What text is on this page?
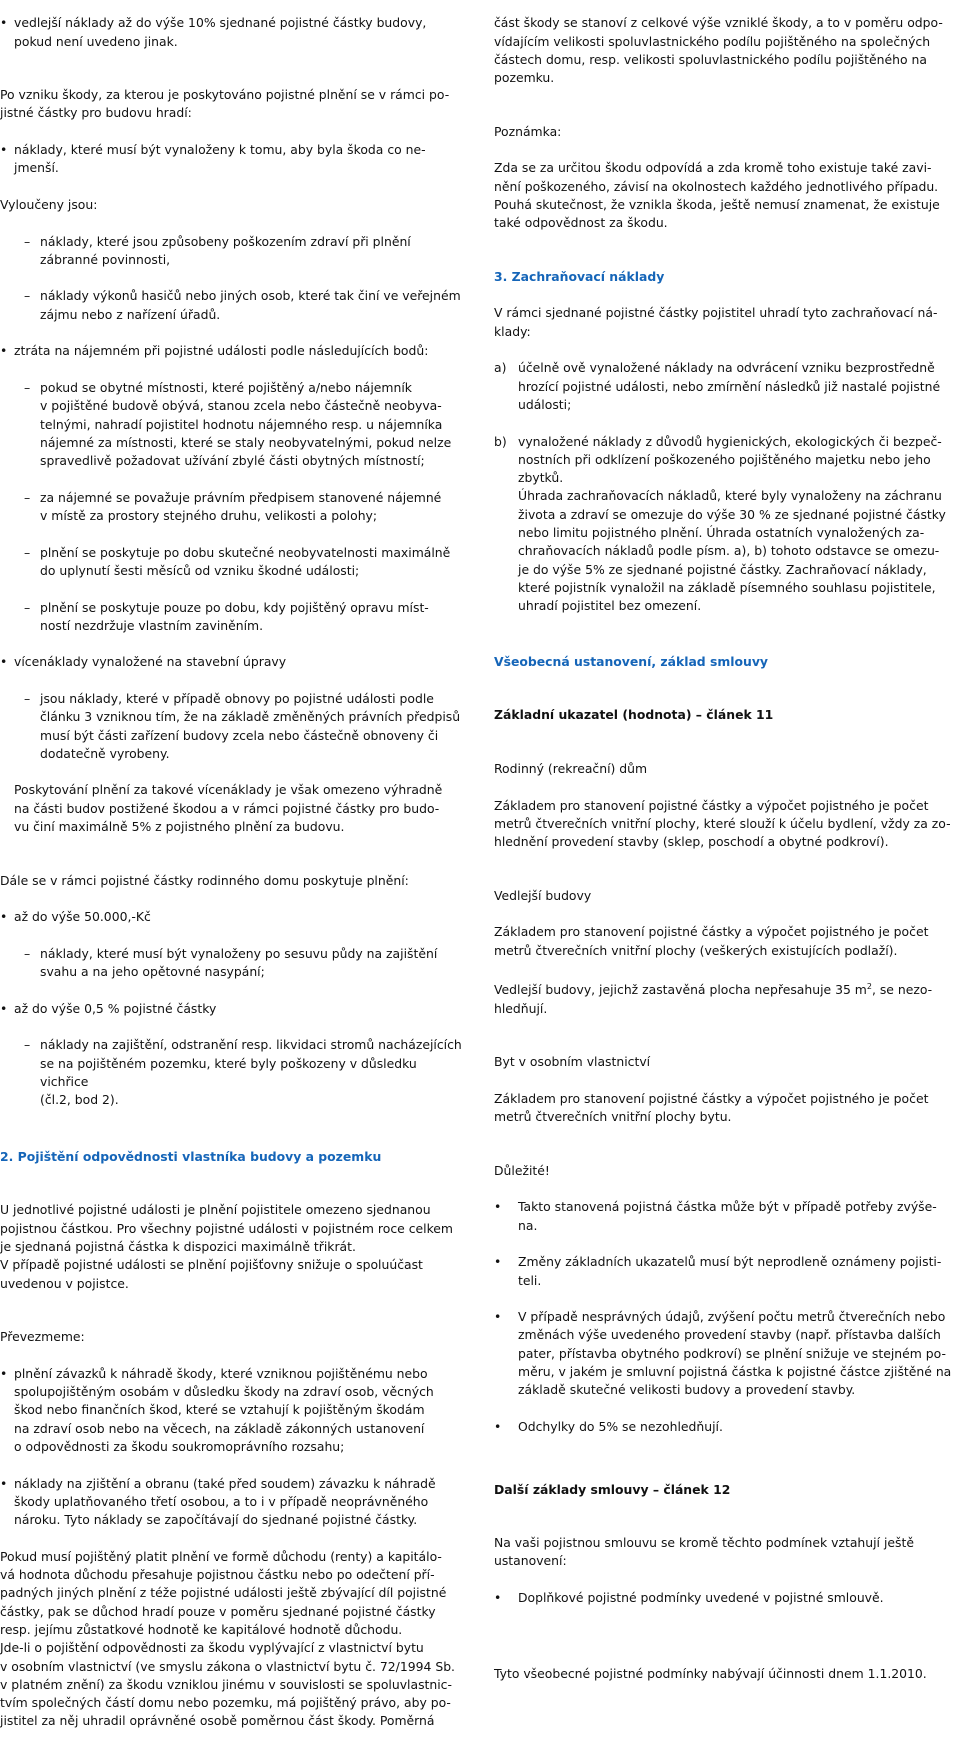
• vedlejší náklady až do výše 10% sjednané pojistné částky budovy, pokud není uvedeno jinak.

Po vzniku škody, za kterou je poskytováno pojistné plnění se v rámci po-
jistné částky pro budovu hradí:

• náklady, které musí být vynaloženy k tomu, aby byla škoda co ne-
jmenší.

Vyloučeny jsou:

– náklady, které jsou způsobeny poškozením zdraví při plnění
zábranné povinnosti,

– náklady výkonů hasičů nebo jiných osob, které tak činí ve veřejném
zájmu nebo z nařízení úřadů.

• ztráta na nájemném při pojistné události podle následujících bodů:

– pokud se obytné místnosti, které pojištěný a/nebo nájemník
v pojištěné budově obývá, stanou zcela nebo částečně neobyva-
telnými, nahradí pojistitel hodnotu nájemného resp. u nájemníka
nájemné za místnosti, které se staly neobyvatelnými, pokud nelze
spravedlivě požadovat užívání zbylé části obytných místností;

– za nájemné se považuje právním předpisem stanovené nájemné
v místě za prostory stejného druhu, velikosti a polohy;

– plnění se poskytuje po dobu skutečné neobyvatelnosti maximálně
do uplynutí šesti měsíců od vzniku škodné události;

– plnění se poskytuje pouze po dobu, kdy pojištěný opravu míst-
ností nezdržuje vlastním zaviněním.

• vícenáklady vynaložené na stavební úpravy

– jsou náklady, které v případě obnovy po pojistné události podle
článku 3 vzniknou tím, že na základě změněných právních předpisů
musí být části zařízení budovy zcela nebo částečně obnoveny či
dodatečně vyrobeny.

Poskytování plnění za takové vícenáklady je však omezeno výhradně
na části budov postižené škodou a v rámci pojistné částky pro budo-
vu činí maximálně 5% z pojistného plnění za budovu.

Dále se v rámci pojistné částky rodinného domu poskytuje plnění:

• až do výše 50.000,-Kč

– náklady, které musí být vynaloženy po sesuvu půdy na zajištění
svahu a na jeho opětovné nasypání;

• až do výše 0,5 % pojistné částky

– náklady na zajištění, odstranění resp. likvidaci stromů nacházejících
se na pojištěném pozemku, které byly poškozeny v důsledku vichřice
(čl.2, bod 2).

2. Pojištění odpovědnosti vlastníka budovy a pozemku

U jednotlivé pojistné události je plnění pojistitele omezeno sjednanou
pojistnou částkou. Pro všechny pojistné události v pojistném roce celkem
je sjednaná pojistná částka k dispozici maximálně třikrát.
V případě pojistné události se plnění pojišťovny snižuje o spoluúčast
uvedenou v pojistce.

Převezmeme:

• plnění závazků k náhradě škody, které vzniknou pojištěnému nebo
spolupojištěným osobám v důsledku škody na zdraví osob, věcných
škod nebo finančních škod, které se vztahují k pojištěným škodám
na zdraví osob nebo na věcech, na základě zákonných ustanovení
o odpovědnosti za škodu soukromoprávního rozsahu;

• náklady na zjištění a obranu (také před soudem) závazku k náhradě
škody uplatňovaného třetí osobou, a to i v případě neoprávněného
nároku. Tyto náklady se započítávají do sjednané pojistné částky.

Pokud musí pojištěný platit plnění ve formě důchodu (renty) a kapitálo-
vá hodnota důchodu přesahuje pojistnou částku nebo po odečtení pří-
padných jiných plnění z téže pojistné události ještě zbývající díl pojistné
částky, pak se důchod hradí pouze v poměru sjednané pojistné částky
resp. jejímu zůstatkové hodnotě ke kapitálové hodnotě důchodu.
Jde-li o pojištění odpovědnosti za škodu vyplývající z vlastnictví bytu
v osobním vlastnictví (ve smyslu zákona o vlastnictví bytu č. 72/1994 Sb.
v platném znění) za škodu vzniklou jinému v souvislosti se spoluvlastnic-
tvím společných částí domu nebo pozemku, má pojištěný právo, aby po-
jistitel za něj uhradil oprávněné osobě poměrnou část škody. Poměrná

část škody se stanoví z celkové výše vzniklé škody, a to v poměru odpo-
vídajícím velikosti spoluvlastnického podílu pojištěného na společných
částech domu, resp. velikosti spoluvlastnického podílu pojištěného na
pozemku.

Poznámka:

Zda se za určitou škodu odpovídá a zda kromě toho existuje také zavi-
nění poškozeného, závisí na okolnostech každého jednotlivého případu.
Pouhá skutečnost, že vznikla škoda, ještě nemusí znamenat, že existuje
také odpovědnost za škodu.

3. Zachraňovací náklady

V rámci sjednané pojistné částky pojistitel uhradí tyto zachraňovací ná-
klady:

a) účelně ově vynaložené náklady na odvrácení vzniku bezprostředně
hrozící pojistné události, nebo zmírnění následků již nastalé pojistné
události;

b) vynaložené náklady z důvodů hygienických, ekologických či bezpeč-
nostních při odklízení poškozeného pojištěného majetku nebo jeho
zbytků.
Úhrada zachraňovacích nákladů, které byly vynaloženy na záchranu
života a zdraví se omezuje do výše 30 % ze sjednané pojistné částky
nebo limitu pojistného plnění. Úhrada ostatních vynaložených za-
chraňovacích nákladů podle písm. a), b) tohoto odstavce se omezu-
je do výše 5% ze sjednané pojistné částky. Zachraňovací náklady,
které pojistník vynaložil na základě písemného souhlasu pojistitele,
uhradí pojistitel bez omezení.

Všeobecná ustanovení, základ smlouvy

Základní ukazatel (hodnota) – článek 11

Rodinný (rekreační) dům

Základem pro stanovení pojistné částky a výpočet pojistného je počet
metrů čtverečních vnitřní plochy, které slouží k účelu bydlení, vždy za zo-
hlednění provedení stavby (sklep, poschodí a obytné podkroví).

Vedlejší budovy

Základem pro stanovení pojistné částky a výpočet pojistného je počet
metrů čtverečních vnitřní plochy (veškerých existujících podlaží).

Vedlejší budovy, jejichž zastavěná plocha nepřesahuje 35 $m^2$, se nezo-
hledňují.

Byt v osobním vlastnictví

Základem pro stanovení pojistné částky a výpočet pojistného je počet
metrů čtverečních vnitřní plochy bytu.

Důležité!

• Takto stanovená pojistná částka může být v případě potřeby zvýše-
na.

• Změny základních ukazatelů musí být neprodleně oznámeny pojisti-
teli.

• V případě nesprávných údajů, zvýšení počtu metrů čtverečních nebo
změnách výše uvedeného provedení stavby (např. přístavba dalších
pater, přístavba obytného podkroví) se plnění snižuje ve stejném po-
měru, v jakém je smluvní pojistná částka k pojistné částce zjištěné na
základě skutečné velikosti budovy a provedení stavby.

• Odchylky do 5% se nezohledňují.

Další základy smlouvy – článek 12

Na vaši pojistnou smlouvu se kromě těchto podmínek vztahují ještě
ustanovení:

• Doplňkové pojistné podmínky uvedené v pojistné smlouvě.

Tyto všeobecné pojistné podmínky nabývají účinnosti dnem 1.1.2010.
